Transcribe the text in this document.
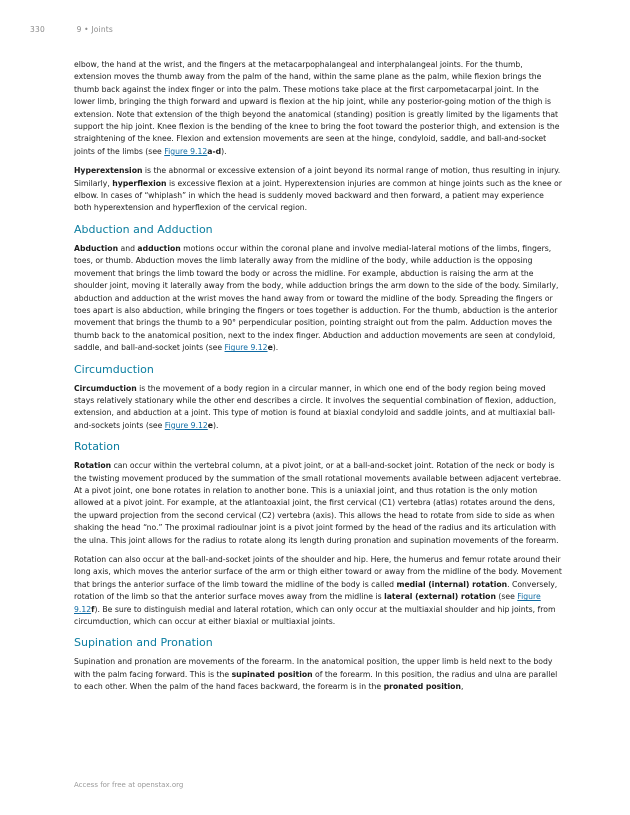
330	9 • Joints

elbow, the hand at the wrist, and the fingers at the metacarpophalangeal and interphalangeal joints. For the thumb, extension moves the thumb away from the palm of the hand, within the same plane as the palm, while flexion brings the thumb back against the index finger or into the palm. These motions take place at the first carpometacarpal joint. In the lower limb, bringing the thigh forward and upward is flexion at the hip joint, while any posterior-going motion of the thigh is extension. Note that extension of the thigh beyond the anatomical (standing) position is greatly limited by the ligaments that support the hip joint. Knee flexion is the bending of the knee to bring the foot toward the posterior thigh, and extension is the straightening of the knee. Flexion and extension movements are seen at the hinge, condyloid, saddle, and ball-and-socket joints of the limbs (see Figure 9.12a-d).

Hyperextension is the abnormal or excessive extension of a joint beyond its normal range of motion, thus resulting in injury. Similarly, hyperflexion is excessive flexion at a joint. Hyperextension injuries are common at hinge joints such as the knee or elbow. In cases of “whiplash” in which the head is suddenly moved backward and then forward, a patient may experience both hyperextension and hyperflexion of the cervical region.

Abduction and Adduction

Abduction and adduction motions occur within the coronal plane and involve medial-lateral motions of the limbs, fingers, toes, or thumb. Abduction moves the limb laterally away from the midline of the body, while adduction is the opposing movement that brings the limb toward the body or across the midline. For example, abduction is raising the arm at the shoulder joint, moving it laterally away from the body, while adduction brings the arm down to the side of the body. Similarly, abduction and adduction at the wrist moves the hand away from or toward the midline of the body. Spreading the fingers or toes apart is also abduction, while bringing the fingers or toes together is adduction. For the thumb, abduction is the anterior movement that brings the thumb to a 90° perpendicular position, pointing straight out from the palm. Adduction moves the thumb back to the anatomical position, next to the index finger. Abduction and adduction movements are seen at condyloid, saddle, and ball-and-socket joints (see Figure 9.12e).

Circumduction

Circumduction is the movement of a body region in a circular manner, in which one end of the body region being moved stays relatively stationary while the other end describes a circle. It involves the sequential combination of flexion, adduction, extension, and abduction at a joint. This type of motion is found at biaxial condyloid and saddle joints, and at multiaxial ball-and-sockets joints (see Figure 9.12e).

Rotation

Rotation can occur within the vertebral column, at a pivot joint, or at a ball-and-socket joint. Rotation of the neck or body is the twisting movement produced by the summation of the small rotational movements available between adjacent vertebrae. At a pivot joint, one bone rotates in relation to another bone. This is a uniaxial joint, and thus rotation is the only motion allowed at a pivot joint. For example, at the atlantoaxial joint, the first cervical (C1) vertebra (atlas) rotates around the dens, the upward projection from the second cervical (C2) vertebra (axis). This allows the head to rotate from side to side as when shaking the head “no.” The proximal radioulnar joint is a pivot joint formed by the head of the radius and its articulation with the ulna. This joint allows for the radius to rotate along its length during pronation and supination movements of the forearm.

Rotation can also occur at the ball-and-socket joints of the shoulder and hip. Here, the humerus and femur rotate around their long axis, which moves the anterior surface of the arm or thigh either toward or away from the midline of the body. Movement that brings the anterior surface of the limb toward the midline of the body is called medial (internal) rotation. Conversely, rotation of the limb so that the anterior surface moves away from the midline is lateral (external) rotation (see Figure 9.12f). Be sure to distinguish medial and lateral rotation, which can only occur at the multiaxial shoulder and hip joints, from circumduction, which can occur at either biaxial or multiaxial joints.

Supination and Pronation

Supination and pronation are movements of the forearm. In the anatomical position, the upper limb is held next to the body with the palm facing forward. This is the supinated position of the forearm. In this position, the radius and ulna are parallel to each other. When the palm of the hand faces backward, the forearm is in the pronated position,

Access for free at openstax.org
